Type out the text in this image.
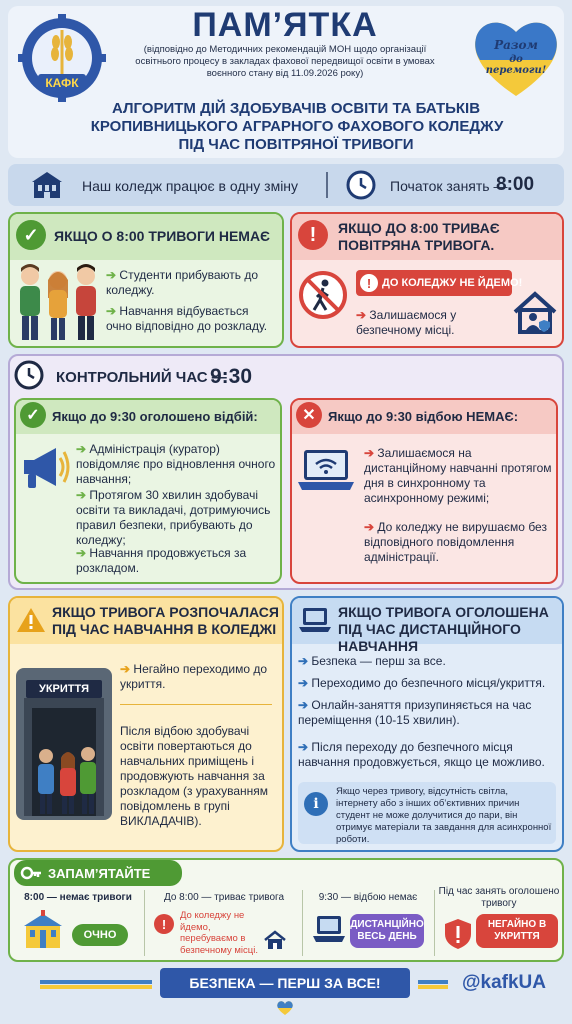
КАФК
ПАМ’ЯТКА
(відповідно до Методичних рекомендацій МОН щодо організації освітнього процесу в закладах фахової передвищої освіти в умовах воєнного стану від 11.09.2026 року)
Разом
до перемоги!
АЛГОРИТМ ДІЙ ЗДОБУВАЧІВ ОСВІТИ ТА БАТЬКІВ
КРОПИВНИЦЬКОГО АГРАРНОГО ФАХОВОГО КОЛЕДЖУ
ПІД ЧАС ПОВІТРЯНОЇ ТРИВОГИ
Наш коледж працює в одну зміну	Початок занять —
8:00
✓	ЯКЩО О 8:00 ТРИВОГИ НЕМАЄ
➔ Студенти прибувають до коледжу.
➔ Навчання відбувається очно відповідно до розкладу.
!	ЯКЩО ДО 8:00 ТРИВАЄ
ПОВІТРЯНА ТРИВОГА.
! ДО КОЛЕДЖУ НЕ ЙДЕМО!
➔ Залишаємося у безпечному місці.
КОНТРОЛЬНИЙ ЧАС —
9:30
✓ Якщо до 9:30 оголошено відбій:
➔ Адміністрація (куратор) повідомляє про відновлення очного навчання;
➔ Протягом 30 хвилин здобувачі освіти та викладачі, дотримуючись правил безпеки, прибувають до коледжу;
➔ Навчання продовжується за розкладом.
✕ Якщо до 9:30 відбою НЕМАЄ:
➔ Залишаємося на дистанційному навчанні протягом дня в синхронному та асинхронному режимі;
➔ До коледжу не вирушаємо без відповідного повідомлення адміністрації.
ЯКЩО ТРИВОГА РОЗПОЧАЛАСЯ
ПІД ЧАС НАВЧАННЯ В КОЛЕДЖІ
УКРИТТЯ
➔ Негайно переходимо до укриття.
Після відбою здобувачі освіти повертаються до навчальних приміщень і продовжують навчання за розкладом (з урахуванням повідомлень в групі ВИКЛАДАЧІВ).
ЯКЩО ТРИВОГА ОГОЛОШЕНА
ПІД ЧАС ДИСТАНЦІЙНОГО НАВЧАННЯ
➔ Безпека — перш за все.
➔ Переходимо до безпечного місця/укриття.
➔ Онлайн-заняття призупиняється на час переміщення (10-15 хвилин).
➔ Після переходу до безпечного місця навчання продовжується, якщо це можливо.
i
Якщо через тривогу, відсутність світла, інтернету або з інших об’єктивних причин студент не може долучитися до пари, він отримує матеріали та завдання для асинхронної роботи.
ЗАПАМ’ЯТАЙТЕ
8:00 — немає тривоги
ОЧНО
До 8:00 — триває тривога
!
До коледжу не йдемо, перебуваємо в безпечному місці.
9:30 — відбою немає
ДИСТАНЦІЙНО ВЕСЬ ДЕНЬ
Під час занять оголошено тривогу
НЕГАЙНО В УКРИТТЯ
БЕЗПЕКА — ПЕРШ ЗА ВСЕ!	@kafkUA
